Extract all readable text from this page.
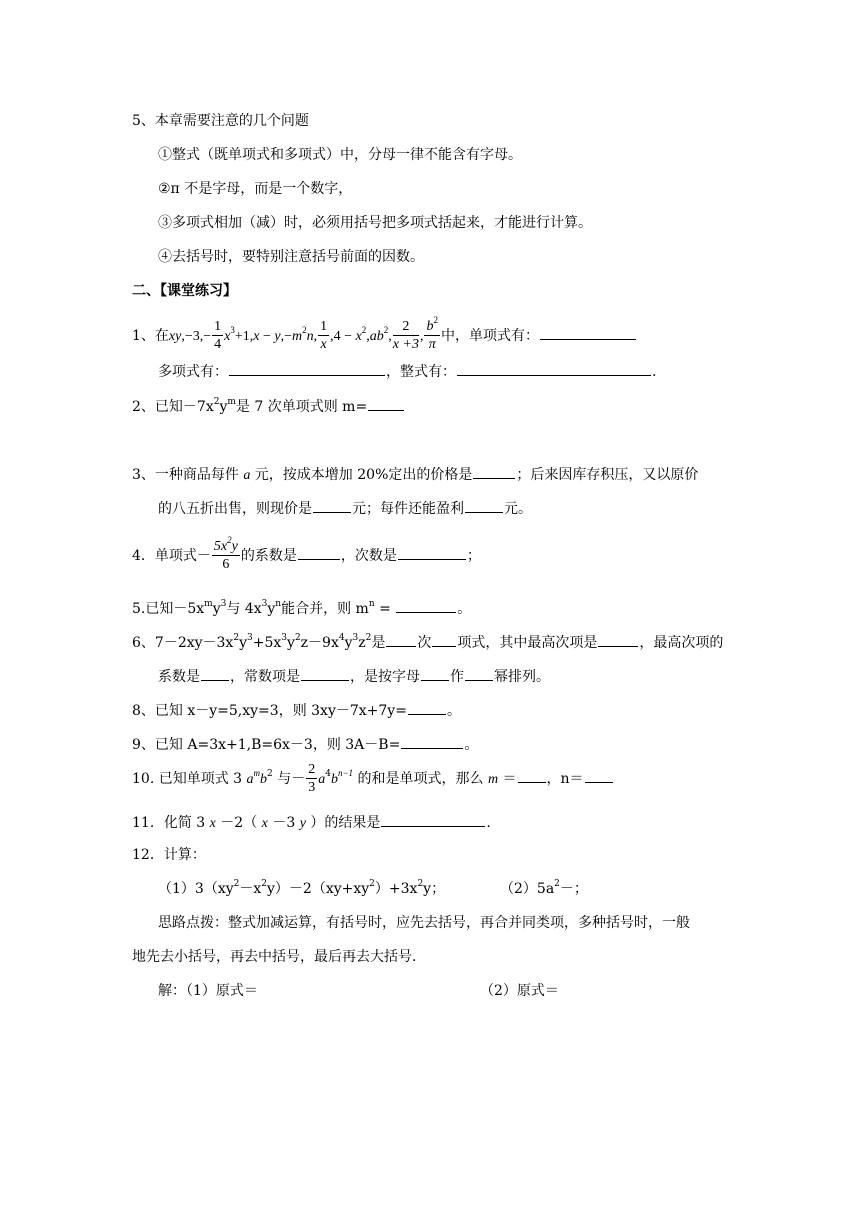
5、本章需要注意的几个问题
①整式（既单项式和多项式）中，分母一律不能含有字母。
②π 不是字母，而是一个数字，
③多项式相加（减）时，必须用括号把多项式括起来，才能进行计算。
④去括号时，要特别注意括号前面的因数。
二、【课堂练习】
1、在$xy,-3,- \frac{1}{4} x^3+1,x - y,-m^2n$, $\frac{1}{x} ,4 - x^2,ab^2$, $\frac{2}{x +3}$ , $\frac{b^2}{\pi}$ 中，单项式有：
多项式有：	，整式有：	.
2、已知$-7x^2y^m$是 7 次单项式则 m=
3、一种商品每件 a 元，按成本增加 20%定出的价格是	；后来因库存积压，又以原价
的八五折出售，则现价是	元；每件还能盈利	元。
4．单项式－ $\frac{5x^2y}{6}$ 的系数是	，次数是	；
5.已知$-5x^my^3$与 $4x^3y^n$能合并，则 $m^n$ =	。
6、$7-2xy-3x^2y^3+5x^3y^2z-9x^4y^3z^2$是 次 项式，其中最高次项是	，最高次项的
系数是 ，常数项是	，是按字母 作 幂排列。
8、已知 x－y=5,xy=3，则 3xy－7x+7y=	。
9、已知 A=3x+1,B=6x－3，则 3A－B=	。
10. 已知单项式 3 $a^mb^2$ 与－ $\frac{2}{3} a^4b^{n-1}$ 的和是单项式，那么 m ＝ ，n＝
11．化简 3 x －2（ x －3 y ）的结果是	.
12．计算：
$(1)3(xy^2-x^2y)-2(xy+xy^2)+3x^2y$；	$(2)5a^2-$；
思路点拨：整式加减运算，有括号时，应先去括号，再合并同类项，多种括号时，一般
地先去小括号，再去中括号，最后再去大括号．
解：（1）原式＝	（2）原式＝
